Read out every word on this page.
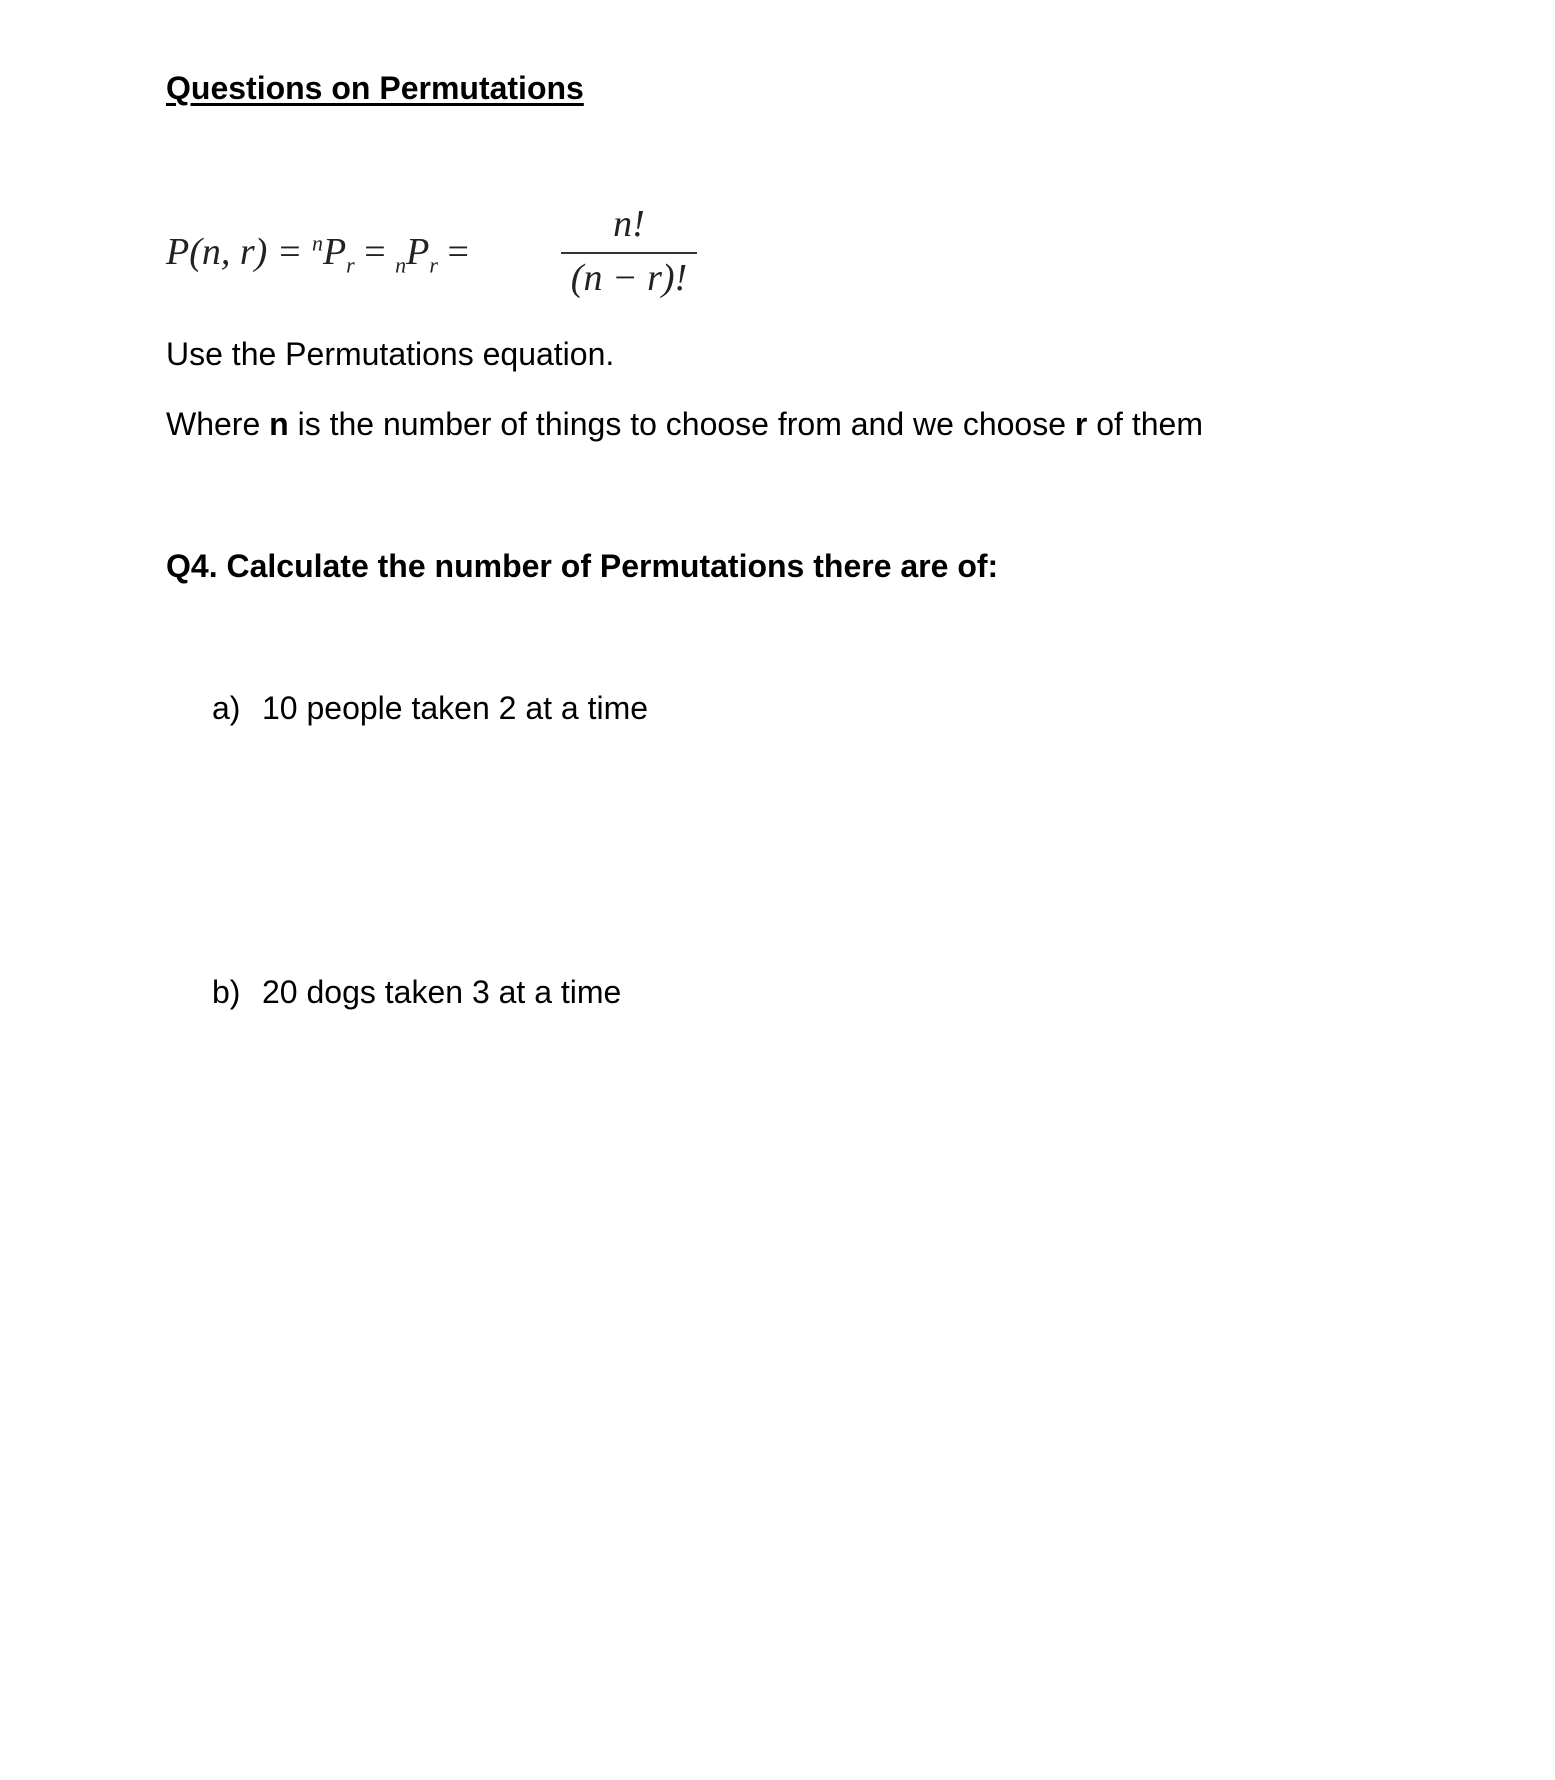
Questions on Permutations
P(n, $r) = ^nP_r = _nP_r$ =
n!
(n − r)!

Use the Permutations equation.

Where n is the number of things to choose from and we choose r of them

Q4. Calculate the number of Permutations there are of:

a) 10 people taken 2 at a time

b) 20 dogs taken 3 at a time
